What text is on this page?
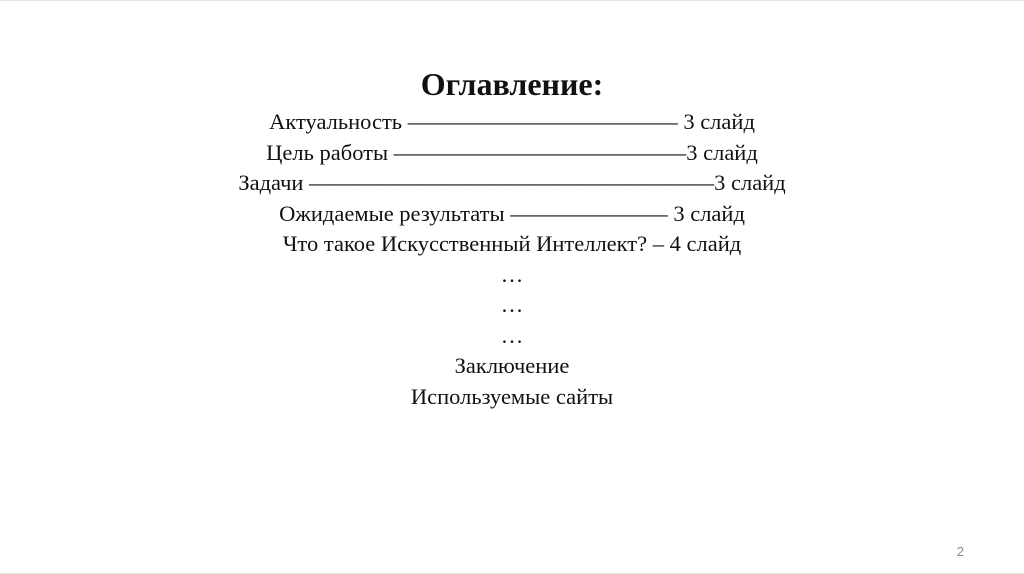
Оглавление:
Актуальность ———————————— 3 слайд
Цель работы —————————————3 слайд
Задачи ——————————————————3 слайд
Ожидаемые результаты ——————— 3 слайд
Что такое Искусственный Интеллект? – 4 слайд
…
…
…
Заключение
Используемые сайты
2
